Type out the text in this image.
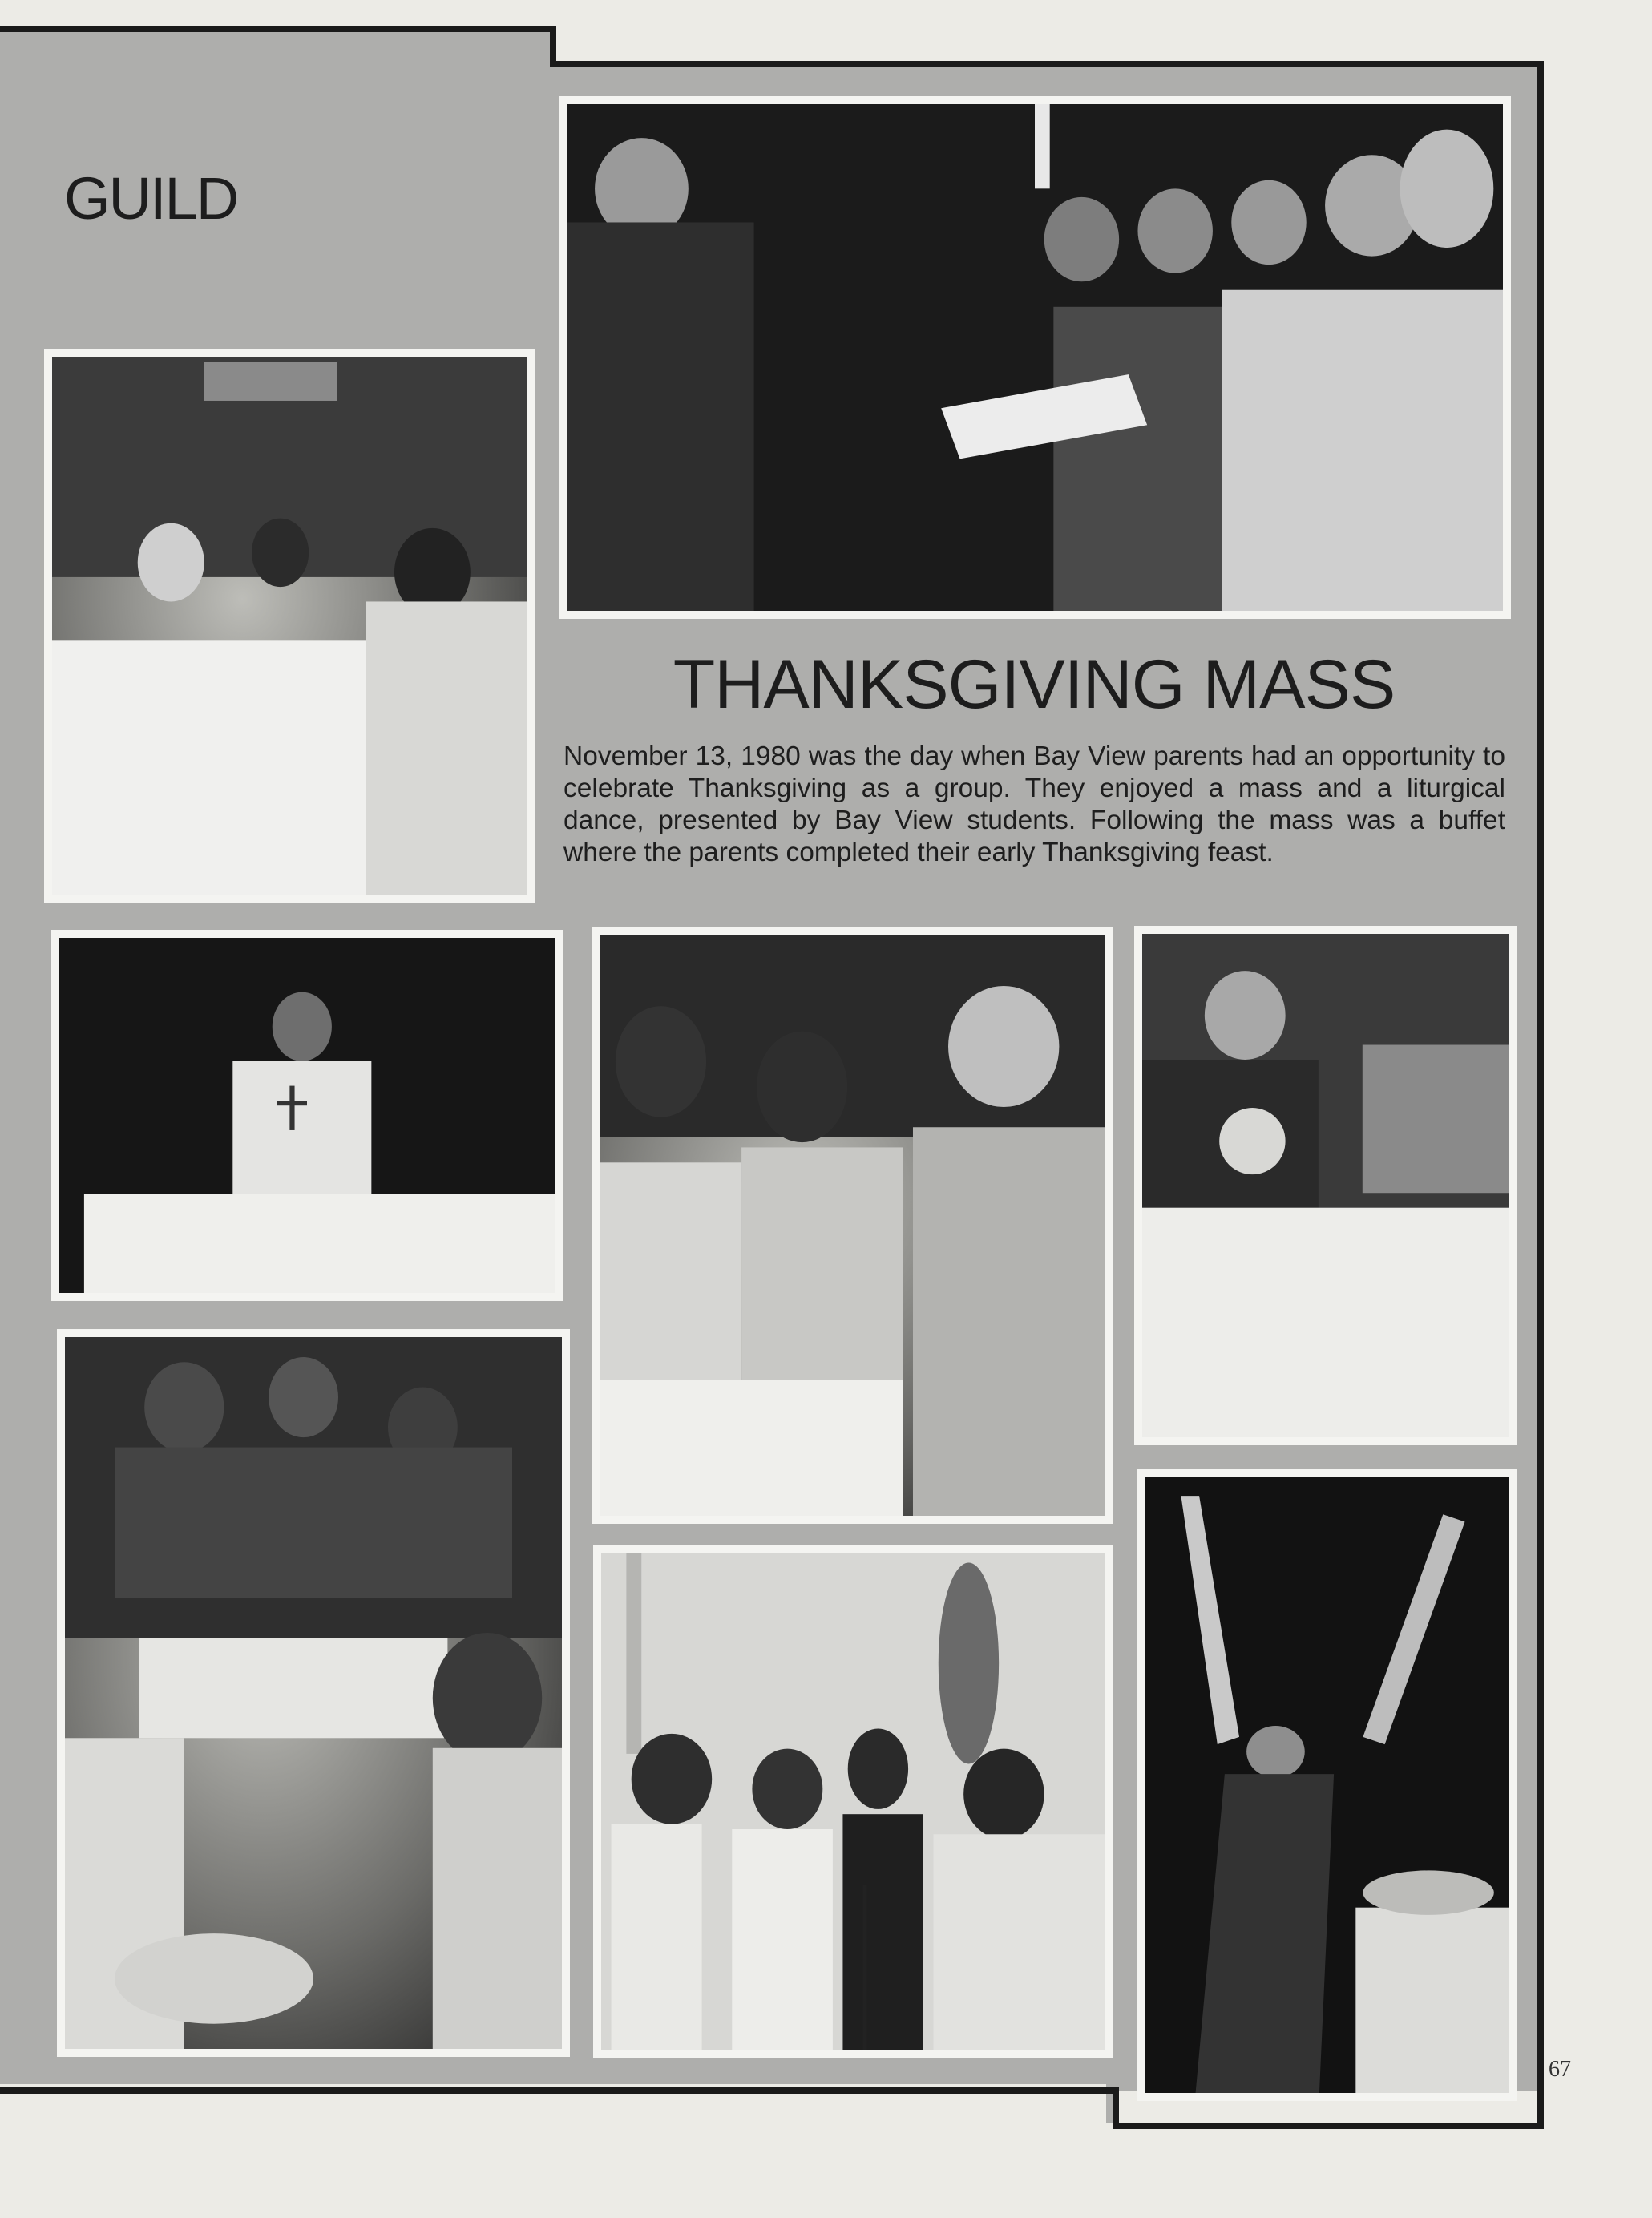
GUILD
THANKSGIVING MASS

November 13, 1980 was the day when Bay View parents had an opportunity to celebrate Thanksgiving as a group. They enjoyed a mass and a liturgical dance, presented by Bay View students. Following the mass was a buffet where the parents completed their early Thanksgiving feast.

67
